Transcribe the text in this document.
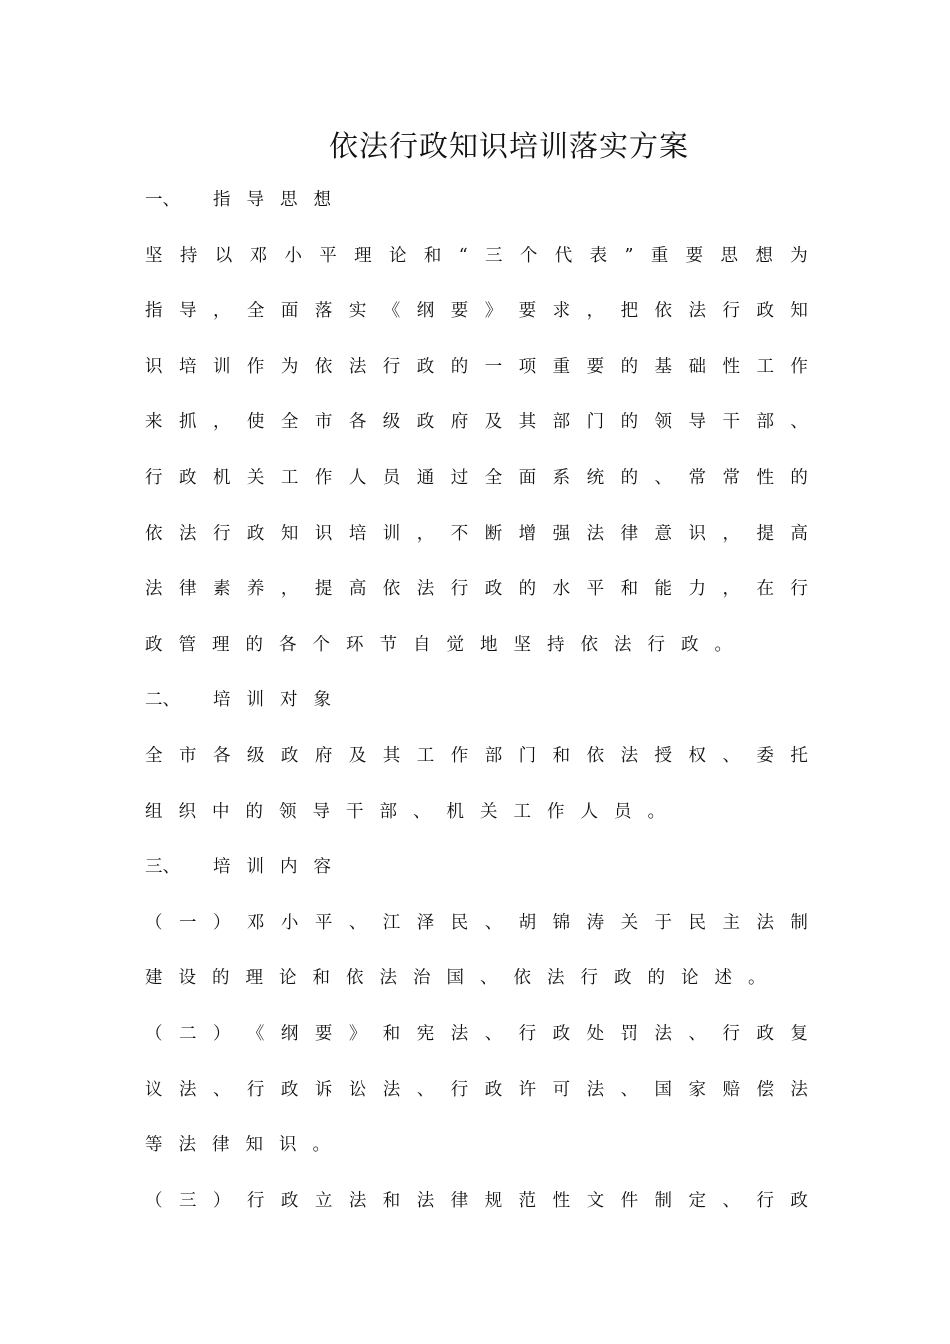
依法行政知识培训落实方案
一、 指导思想
坚 持 以 邓 小 平 理 论 和 “ 三 个 代 表 ” 重 要 思 想 为
指 导 ， 全 面 落 实 《 纲 要 》 要 求 ， 把 依 法 行 政 知
识 培 训 作 为 依 法 行 政 的 一 项 重 要 的 基 础 性 工 作
来 抓 ， 使 全 市 各 级 政 府 及 其 部 门 的 领 导 干 部 、
行 政 机 关 工 作 人 员 通 过 全 面 系 统 的 、 常 常 性 的
依 法 行 政 知 识 培 训 ， 不 断 增 强 法 律 意 识 ， 提 高
法 律 素 养 ， 提 高 依 法 行 政 的 水 平 和 能 力 ， 在 行
政管理的各个环节自觉地坚持依法行政。
二、 培训对象
全 市 各 级 政 府 及 其 工 作 部 门 和 依 法 授 权 、 委 托
组织中的领导干部、机关工作人员。
三、 培训内容
（ 一 ） 邓 小 平 、 江 泽 民 、 胡 锦 涛 关 于 民 主 法 制
建设的理论和依法治国、依法行政的论述。
（ 二 ） 《 纲 要 》 和 宪 法 、 行 政 处 罚 法 、 行 政 复
议 法 、 行 政 诉 讼 法 、 行 政 许 可 法 、 国 家 赔 偿 法
等法律知识。
（ 三 ） 行 政 立 法 和 法 律 规 范 性 文 件 制 定 、 行 政
